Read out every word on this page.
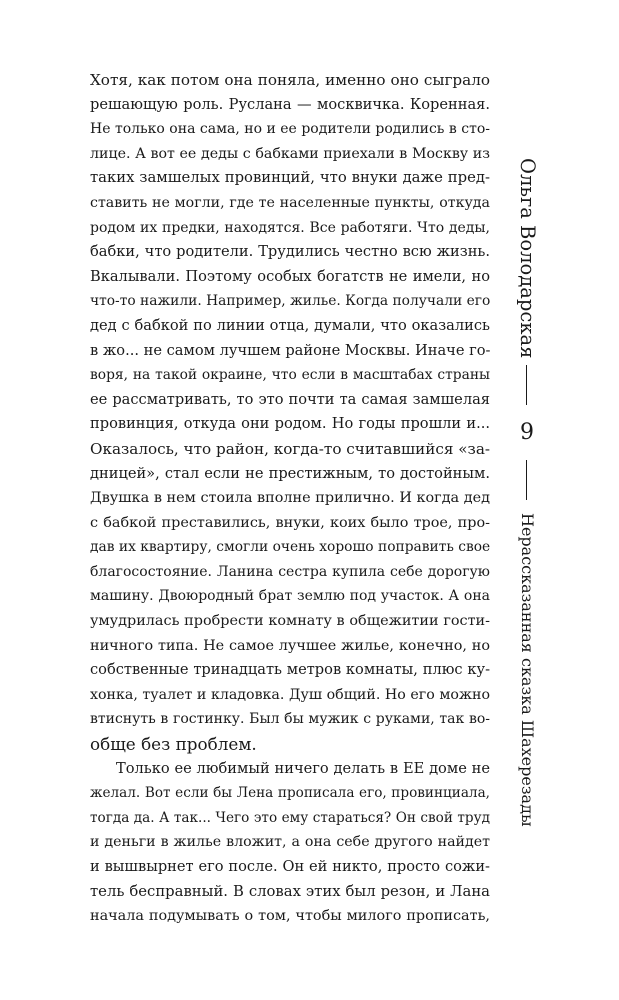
Хотя, как потом она поняла, именно оно сыграло
решающую роль. Руслана — москвичка. Коренная.
Не только она сама, но и ее родители родились в сто-
лице. А вот ее деды с бабками приехали в Москву из
таких замшелых провинций, что внуки даже пред-
ставить не могли, где те населенные пункты, откуда
родом их предки, находятся. Все работяги. Что деды,
бабки, что родители. Трудились честно всю жизнь.
Вкалывали. Поэтому особых богатств не имели, но
что-то нажили. Например, жилье. Когда получали его
дед с бабкой по линии отца, думали, что оказались
в жо... не самом лучшем районе Москвы. Иначе го-
воря, на такой окраине, что если в масштабах страны
ее рассматривать, то это почти та самая замшелая
провинция, откуда они родом. Но годы прошли и...
Оказалось, что район, когда-то считавшийся «за-
дницей», стал если не престижным, то достойным.
Двушка в нем стоила вполне прилично. И когда дед
с бабкой преставились, внуки, коих было трое, про-
дав их квартиру, смогли очень хорошо поправить свое
благосостояние. Ланина сестра купила себе дорогую
машину. Двоюродный брат землю под участок. А она
умудрилась пробрести комнату в общежитии гости-
ничного типа. Не самое лучшее жилье, конечно, но
собственные тринадцать метров комнаты, плюс ку-
хонка, туалет и кладовка. Душ общий. Но его можно
втиснуть в гостинку. Был бы мужик с руками, так во-
обще без проблем.
Только ее любимый ничего делать в ЕЕ доме не
желал. Вот если бы Лена прописала его, провинциала,
тогда да. А так... Чего это ему стараться? Он свой труд
и деньги в жилье вложит, а она себе другого найдет
и вышвырнет его после. Он ей никто, просто сожи-
тель бесправный. В словах этих был резон, и Лана
начала подумывать о том, чтобы милого прописать,
Ольга Володарская
9
Нерассказанная сказка Шахерезады
